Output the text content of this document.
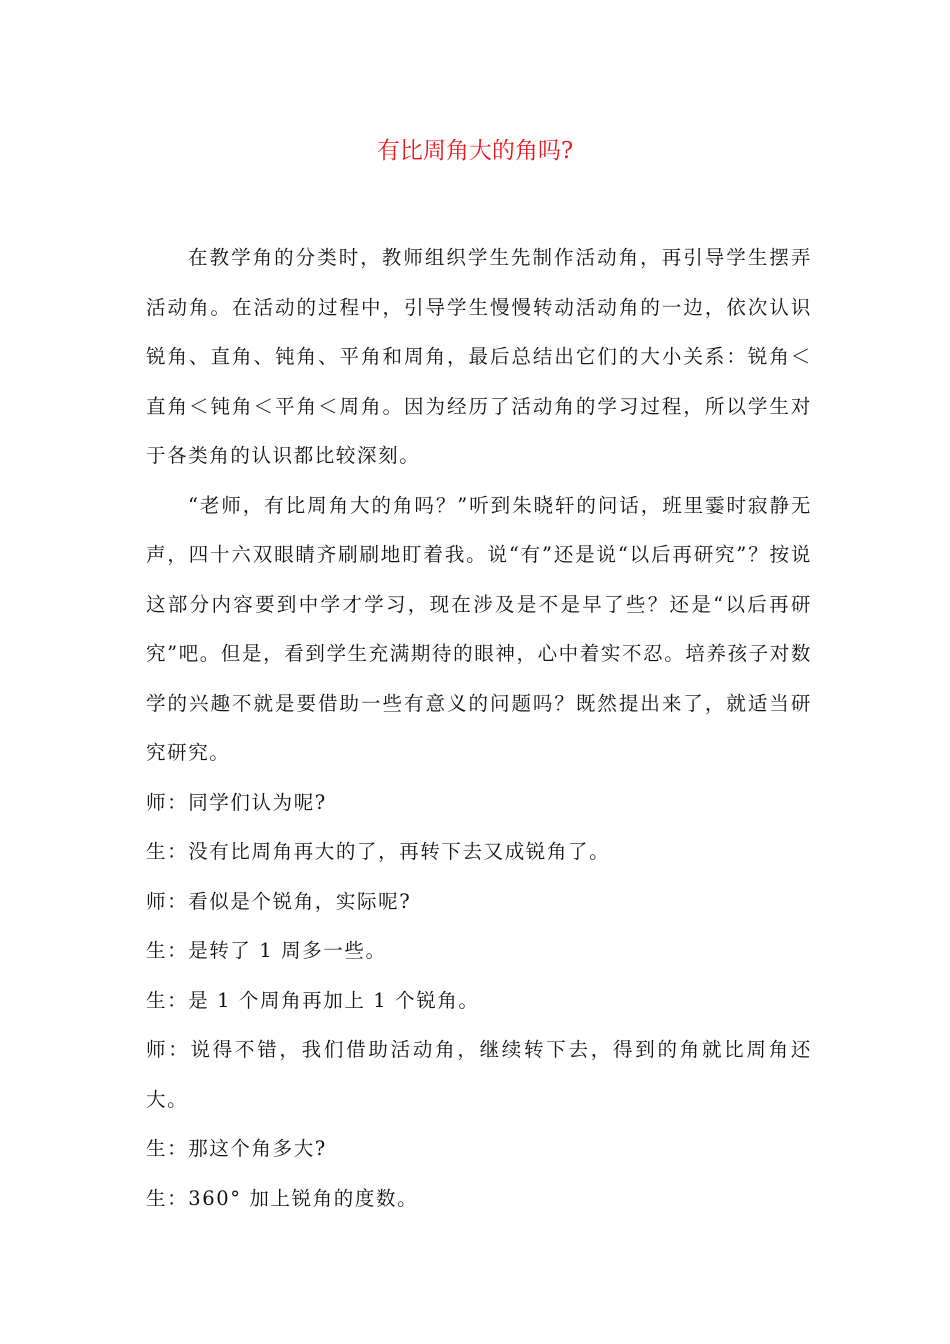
有比周角大的角吗?

在教学角的分类时，教师组织学生先制作活动角，再引导学生摆弄活动角。在活动的过程中，引导学生慢慢转动活动角的一边，依次认识锐角、直角、钝角、平角和周角，最后总结出它们的大小关系：锐角＜直角＜钝角＜平角＜周角。因为经历了活动角的学习过程，所以学生对于各类角的认识都比较深刻。

“老师，有比周角大的角吗？”听到朱晓轩的问话，班里霎时寂静无声，四十六双眼睛齐刷刷地盯着我。说“有”还是说“以后再研究”？按说这部分内容要到中学才学习，现在涉及是不是早了些？还是“以后再研究”吧。但是，看到学生充满期待的眼神，心中着实不忍。培养孩子对数学的兴趣不就是要借助一些有意义的问题吗？既然提出来了，就适当研究研究。

师：同学们认为呢?

生：没有比周角再大的了，再转下去又成锐角了。

师：看似是个锐角，实际呢?

生：是转了 1 周多一些。

生：是 1 个周角再加上 1 个锐角。

师：说得不错，我们借助活动角，继续转下去，得到的角就比周角还大。

生：那这个角多大?

生：360° 加上锐角的度数。
